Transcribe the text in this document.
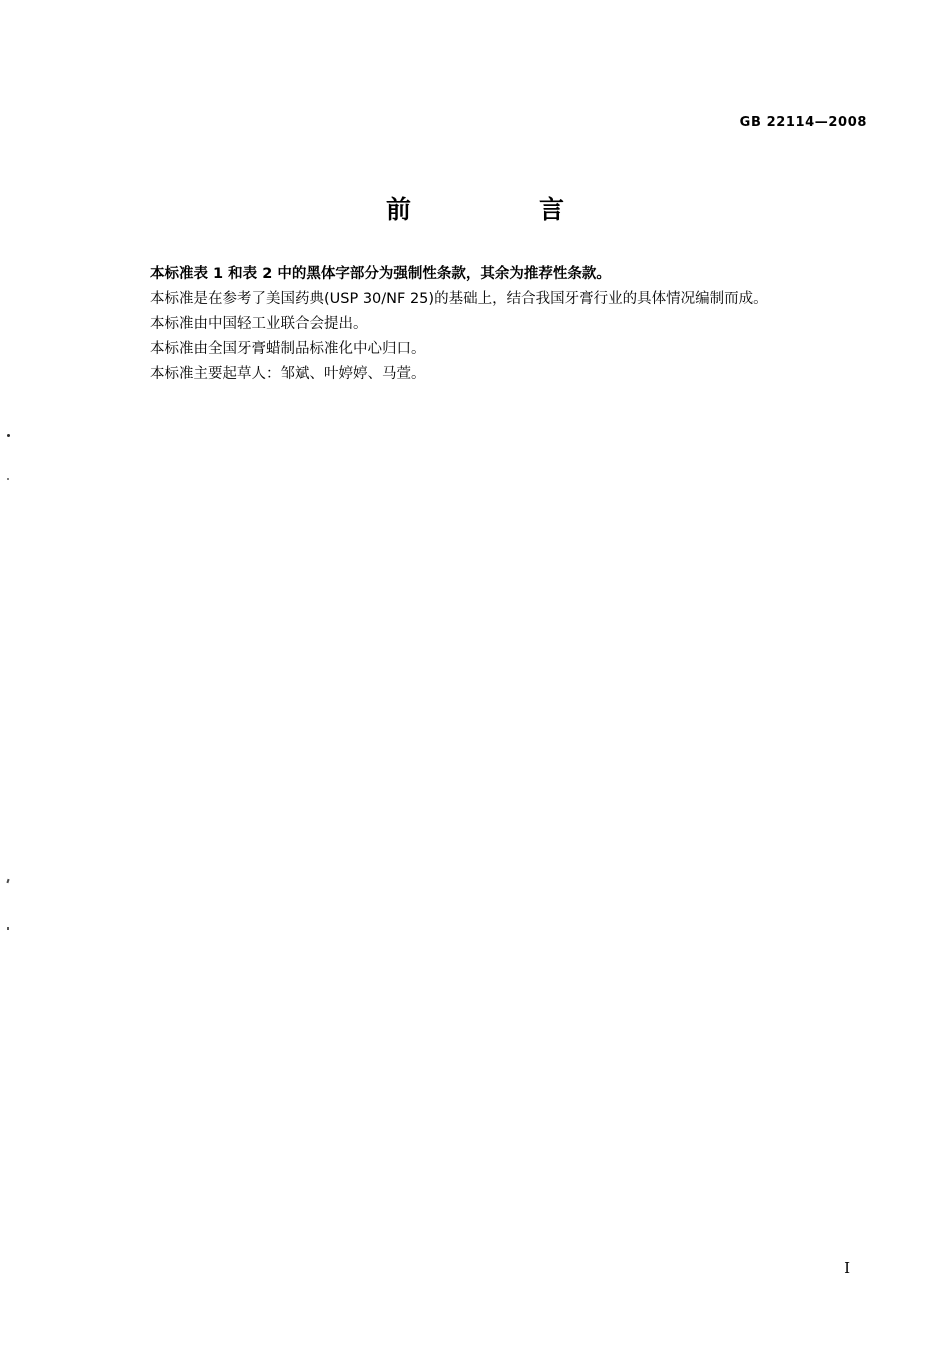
GB 22114—2008
前　　言

本标准表 1 和表 2 中的黑体字部分为强制性条款，其余为推荐性条款。

本标准是在参考了美国药典(USP 30/NF 25)的基础上，结合我国牙膏行业的具体情况编制而成。

本标准由中国轻工业联合会提出。

本标准由全国牙膏蜡制品标准化中心归口。

本标准主要起草人：邹斌、叶婷婷、马萱。

I
